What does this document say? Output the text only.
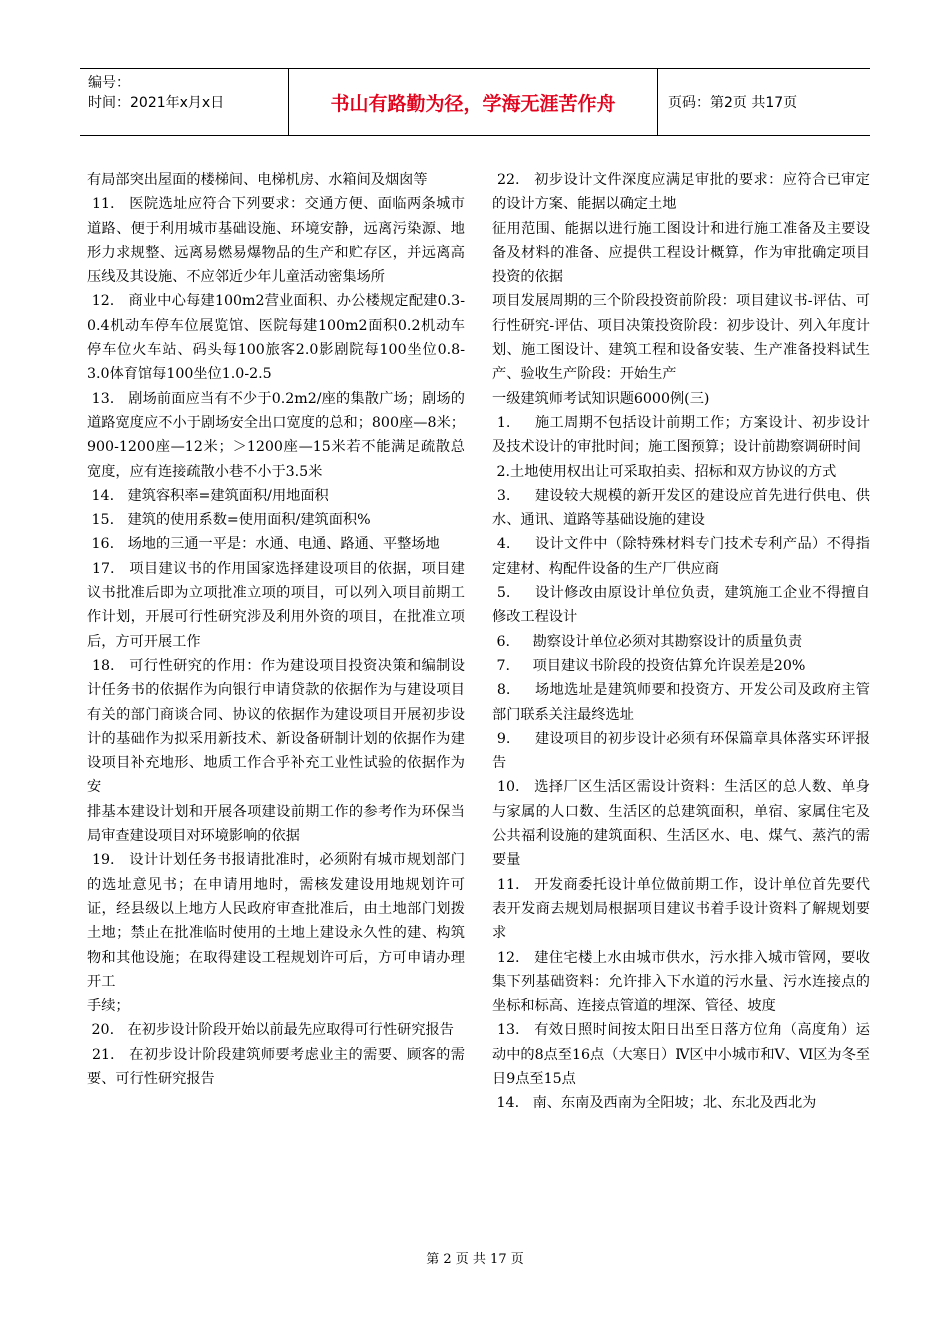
编号：
时间：2021年x月x日	书山有路勤为径，学海无涯苦作舟	页码：第2页 共17页

有局部突出屋面的楼梯间、电梯机房、水箱间及烟囱等

11.   医院选址应符合下列要求：交通方便、面临两条城市道路、便于利用城市基础设施、环境安静，远离污染源、地形力求规整、远离易燃易爆物品的生产和贮存区，并远离高压线及其设施、不应邻近少年儿童活动密集场所

12.   商业中心每建100m2营业面积、办公楼规定配建0.3-0.4机动车停车位展览馆、医院每建100m2面积0.2机动车停车位火车站、码头每100旅客2.0影剧院每100坐位0.8-3.0体育馆每100坐位1.0-2.5

13.   剧场前面应当有不少于0.2m2/座的集散广场；剧场的道路宽度应不小于剧场安全出口宽度的总和；800座—8米；900-1200座—12米；＞1200座—15米若不能满足疏散总宽度，应有连接疏散小巷不小于3.5米

14.   建筑容积率=建筑面积/用地面积

15.   建筑的使用系数=使用面积/建筑面积%

16.   场地的三通一平是：水通、电通、路通、平整场地

17.   项目建议书的作用国家选择建设项目的依据，项目建议书批准后即为立项批准立项的项目，可以列入项目前期工作计划，开展可行性研究涉及利用外资的项目，在批准立项后，方可开展工作

18.   可行性研究的作用：作为建设项目投资决策和编制设计任务书的依据作为向银行申请贷款的依据作为与建设项目有关的部门商谈合同、协议的依据作为建设项目开展初步设计的基础作为拟采用新技术、新设备研制计划的依据作为建设项目补充地形、地质工作合乎补充工业性试验的依据作为安

排基本建设计划和开展各项建设前期工作的参考作为环保当局审查建设项目对环境影响的依据

19.   设计计划任务书报请批准时，必须附有城市规划部门的选址意见书；在申请用地时，需核发建设用地规划许可证，经县级以上地方人民政府审查批准后，由土地部门划拨土地；禁止在批准临时使用的土地上建设永久性的建、构筑物和其他设施；在取得建设工程规划许可后，方可申请办理开工

手续；

20.   在初步设计阶段开始以前最先应取得可行性研究报告

21.   在初步设计阶段建筑师要考虑业主的需要、顾客的需要、可行性研究报告

22.   初步设计文件深度应满足审批的要求：应符合已审定的设计方案、能据以确定土地

征用范围、能据以进行施工图设计和进行施工准备及主要设备及材料的准备、应提供工程设计概算，作为审批确定项目投资的依据

项目发展周期的三个阶段投资前阶段：项目建议书-评估、可行性研究-评估、项目决策投资阶段：初步设计、列入年度计划、施工图设计、建筑工程和设备安装、生产准备投料试生产、验收生产阶段：开始生产

一级建筑师考试知识题6000例(三)

1.     施工周期不包括设计前期工作；方案设计、初步设计及技术设计的审批时间；施工图预算；设计前勘察调研时间

2.土地使用权出让可采取拍卖、招标和双方协议的方式

3.     建设较大规模的新开发区的建设应首先进行供电、供水、通讯、道路等基础设施的建设

4.     设计文件中（除特殊材料专门技术专利产品）不得指定建材、构配件设备的生产厂供应商

5.     设计修改由原设计单位负责，建筑施工企业不得擅自修改工程设计

6.     勘察设计单位必须对其勘察设计的质量负责

7.     项目建议书阶段的投资估算允许误差是20%

8.     场地选址是建筑师要和投资方、开发公司及政府主管部门联系关注最终选址

9.     建设项目的初步设计必须有环保篇章具体落实环评报告

10.   选择厂区生活区需设计资料：生活区的总人数、单身与家属的人口数、生活区的总建筑面积，单宿、家属住宅及公共福利设施的建筑面积、生活区水、电、煤气、蒸汽的需要量

11.   开发商委托设计单位做前期工作，设计单位首先要代表开发商去规划局根据项目建议书着手设计资料了解规划要求

12.   建住宅楼上水由城市供水，污水排入城市管网，要收集下列基础资料：允许排入下水道的污水量、污水连接点的坐标和标高、连接点管道的埋深、管径、坡度

13.   有效日照时间按太阳日出至日落方位角（高度角）运动中的8点至16点（大寒日）Ⅳ区中小城市和Ⅴ、Ⅵ区为冬至日9点至15点

14.   南、东南及西南为全阳坡；北、东北及西北为

第 2 页 共 17 页
